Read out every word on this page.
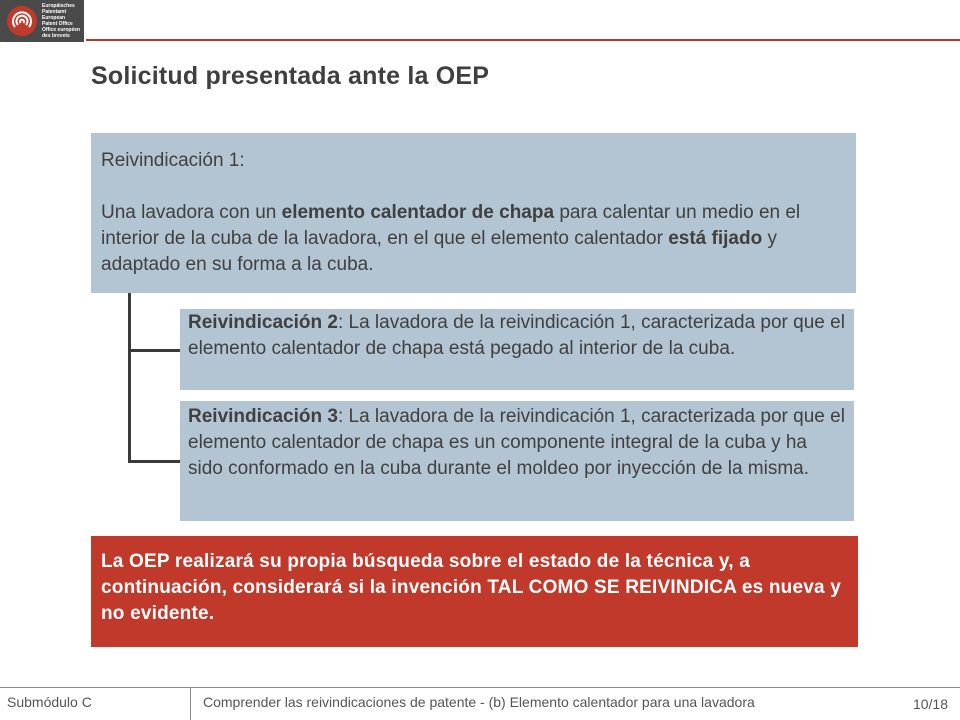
Europäisches
Patentamt
European
Patent Office
Office européen
des brevets
Solicitud presentada ante la OEP

Reivindicación 1:

Una lavadora con un elemento calentador de chapa para calentar un medio en el interior de la cuba de la lavadora, en el que el elemento calentador está fijado y adaptado en su forma a la cuba.

Reivindicación 2: La lavadora de la reivindicación 1, caracterizada por que el elemento calentador de chapa está pegado al interior de la cuba.
Reivindicación 3: La lavadora de la reivindicación 1, caracterizada por que el elemento calentador de chapa es un componente integral de la cuba y ha sido conformado en la cuba durante el moldeo por inyección de la misma.
La OEP realizará su propia búsqueda sobre el estado de la técnica y, a continuación, considerará si la invención TAL COMO SE REIVINDICA es nueva y no evidente.
Submódulo C	Comprender las reivindicaciones de patente - (b) Elemento calentador para una lavadora	10/18
